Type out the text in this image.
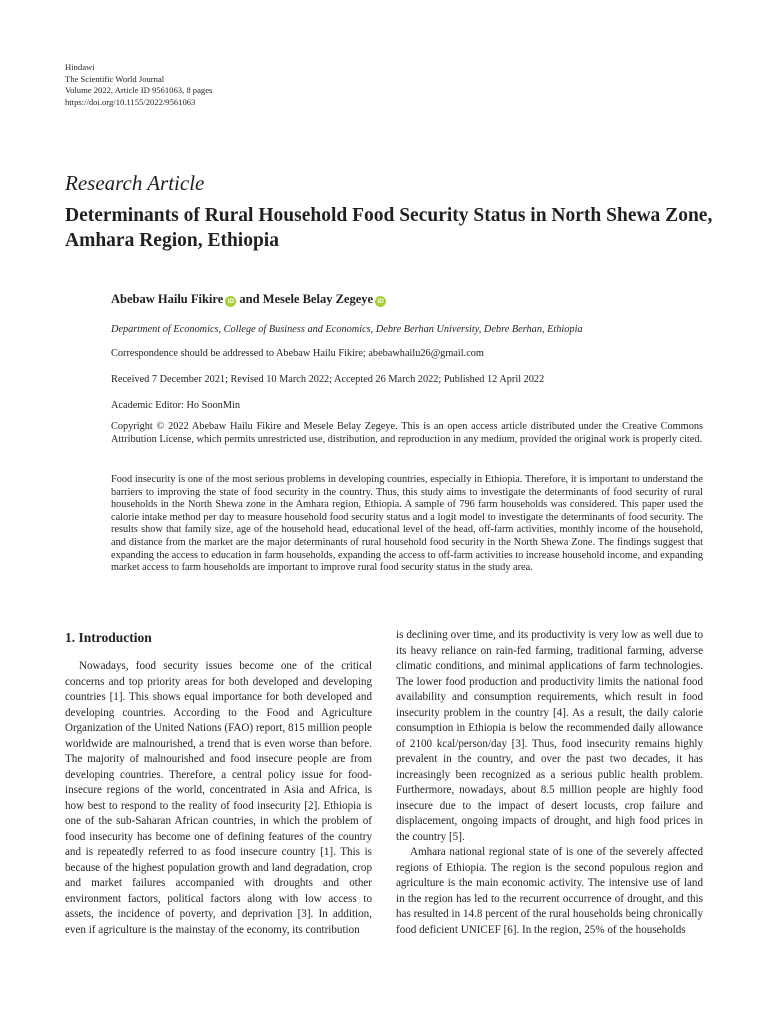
Hindawi
The Scientific World Journal
Volume 2022, Article ID 9561063, 8 pages
https://doi.org/10.1155/2022/9561063
Research Article
Determinants of Rural Household Food Security Status in North Shewa Zone, Amhara Region, Ethiopia
Abebaw Hailu Fikire iD and Mesele Belay Zegeye iD
Department of Economics, College of Business and Economics, Debre Berhan University, Debre Berhan, Ethiopia
Correspondence should be addressed to Abebaw Hailu Fikire; abebawhailu26@gmail.com
Received 7 December 2021; Revised 10 March 2022; Accepted 26 March 2022; Published 12 April 2022
Academic Editor: Ho SoonMin
Copyright © 2022 Abebaw Hailu Fikire and Mesele Belay Zegeye. This is an open access article distributed under the Creative Commons Attribution License, which permits unrestricted use, distribution, and reproduction in any medium, provided the original work is properly cited.
Food insecurity is one of the most serious problems in developing countries, especially in Ethiopia. Therefore, it is important to understand the barriers to improving the state of food security in the country. Thus, this study aims to investigate the determinants of food security of rural households in the North Shewa zone in the Amhara region, Ethiopia. A sample of 796 farm households was considered. This paper used the calorie intake method per day to measure household food security status and a logit model to investigate the determinants of food security. The results show that family size, age of the household head, educational level of the head, off-farm activities, monthly income of the household, and distance from the market are the major determinants of rural household food security in the North Shewa Zone. The findings suggest that expanding the access to education in farm households, expanding the access to off-farm activities to increase household income, and expanding market access to farm households are important to improve rural food security status in the study area.
1. Introduction

Nowadays, food security issues become one of the critical concerns and top priority areas for both developed and developing countries [1]. This shows equal importance for both developed and developing countries. According to the Food and Agriculture Organization of the United Nations (FAO) report, 815 million people worldwide are malnourished, a trend that is even worse than before. The majority of malnourished and food insecure people are from developing countries. Therefore, a central policy issue for food-insecure regions of the world, concentrated in Asia and Africa, is how best to respond to the reality of food insecurity [2]. Ethiopia is one of the sub-Saharan African countries, in which the problem of food insecurity has become one of defining features of the country and is repeatedly referred to as food insecure country [1]. This is because of the highest population growth and land degradation, crop and market failures accompanied with droughts and other environment factors, political factors along with low access to assets, the incidence of poverty, and deprivation [3]. In addition, even if agriculture is the mainstay of the economy, its contribution

is declining over time, and its productivity is very low as well due to its heavy reliance on rain-fed farming, traditional farming, adverse climatic conditions, and minimal applications of farm technologies. The lower food production and productivity limits the national food availability and consumption requirements, which result in food insecurity problem in the country [4]. As a result, the daily calorie consumption in Ethiopia is below the recommended daily allowance of 2100 kcal/person/day [3]. Thus, food insecurity remains highly prevalent in the country, and over the past two decades, it has increasingly been recognized as a serious public health problem. Furthermore, nowadays, about 8.5 million people are highly food insecure due to the impact of desert locusts, crop failure and displacement, ongoing impacts of drought, and high food prices in the country [5].

Amhara national regional state of is one of the severely affected regions of Ethiopia. The region is the second populous region and agriculture is the main economic activity. The intensive use of land in the region has led to the recurrent occurrence of drought, and this has resulted in 14.8 percent of the rural households being chronically food deficient UNICEF [6]. In the region, 25% of the households
